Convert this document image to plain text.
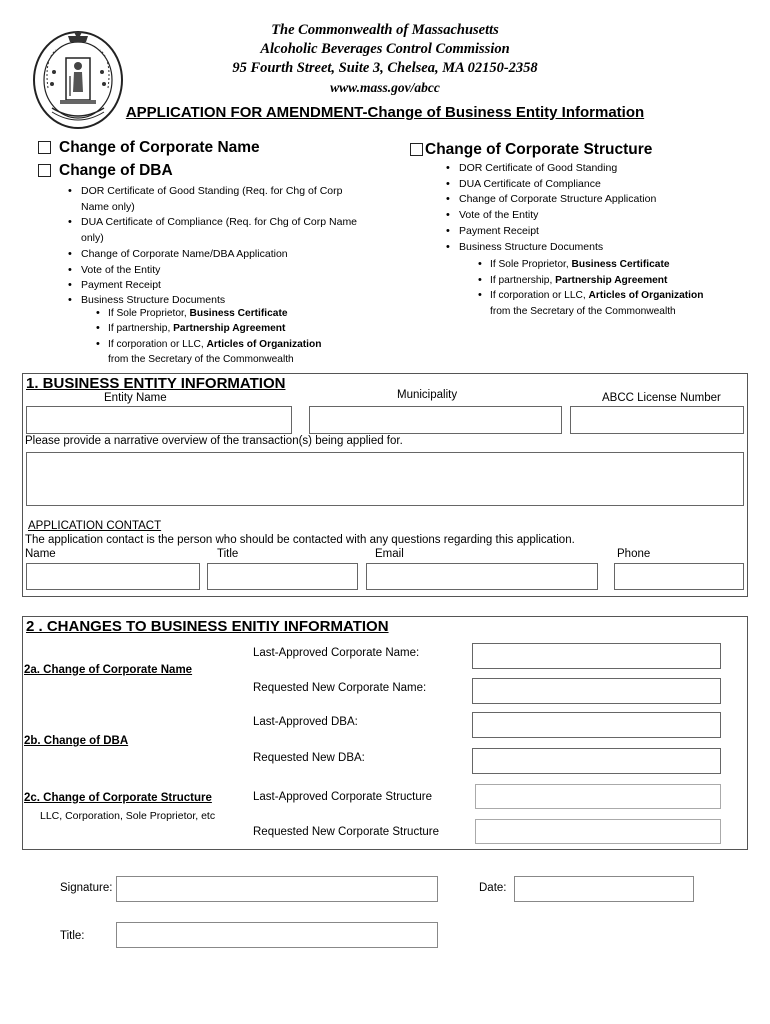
The Commonwealth of Massachusetts
Alcoholic Beverages Control Commission
95 Fourth Street, Suite 3, Chelsea, MA 02150-2358
www.mass.gov/abcc
APPLICATION FOR AMENDMENT-Change of Business Entity Information
Change of Corporate Name
Change of DBA
Change of Corporate Structure
• DOR Certificate of Good Standing (Req. for Chg of Corp Name only)
• DUA Certificate of Compliance (Req. for Chg of Corp Name only)
• Change of Corporate Name/DBA Application
• Vote of the Entity
• Payment Receipt
• Business Structure Documents
• If Sole Proprietor, Business Certificate
• If partnership, Partnership Agreement
• If corporation or LLC, Articles of Organization
from the Secretary of the Commonwealth
• DOR Certificate of Good Standing
• DUA Certificate of Compliance
• Change of Corporate Structure Application
• Vote of the Entity
• Payment Receipt
• Business Structure Documents
• If Sole Proprietor, Business Certificate
• If partnership, Partnership Agreement
• If corporation or LLC, Articles of Organization
from the Secretary of the Commonwealth
1. BUSINESS ENTITY INFORMATION
Entity Name	Municipality	ABCC License Number
Please provide a narrative overview of the transaction(s) being applied for.
APPLICATION CONTACT
The application contact is the person who should be contacted with any questions regarding this application.
Name	Title	Email	Phone
2 . CHANGES TO BUSINESS ENITIY INFORMATION
2a. Change of Corporate Name
Last-Approved Corporate Name:
Requested New Corporate Name:
2b. Change of DBA
Last-Approved DBA:
Requested New DBA:
2c. Change of Corporate Structure
LLC, Corporation, Sole Proprietor, etc
Last-Approved Corporate Structure
Requested New Corporate Structure
Signature:	Date:
Title:
